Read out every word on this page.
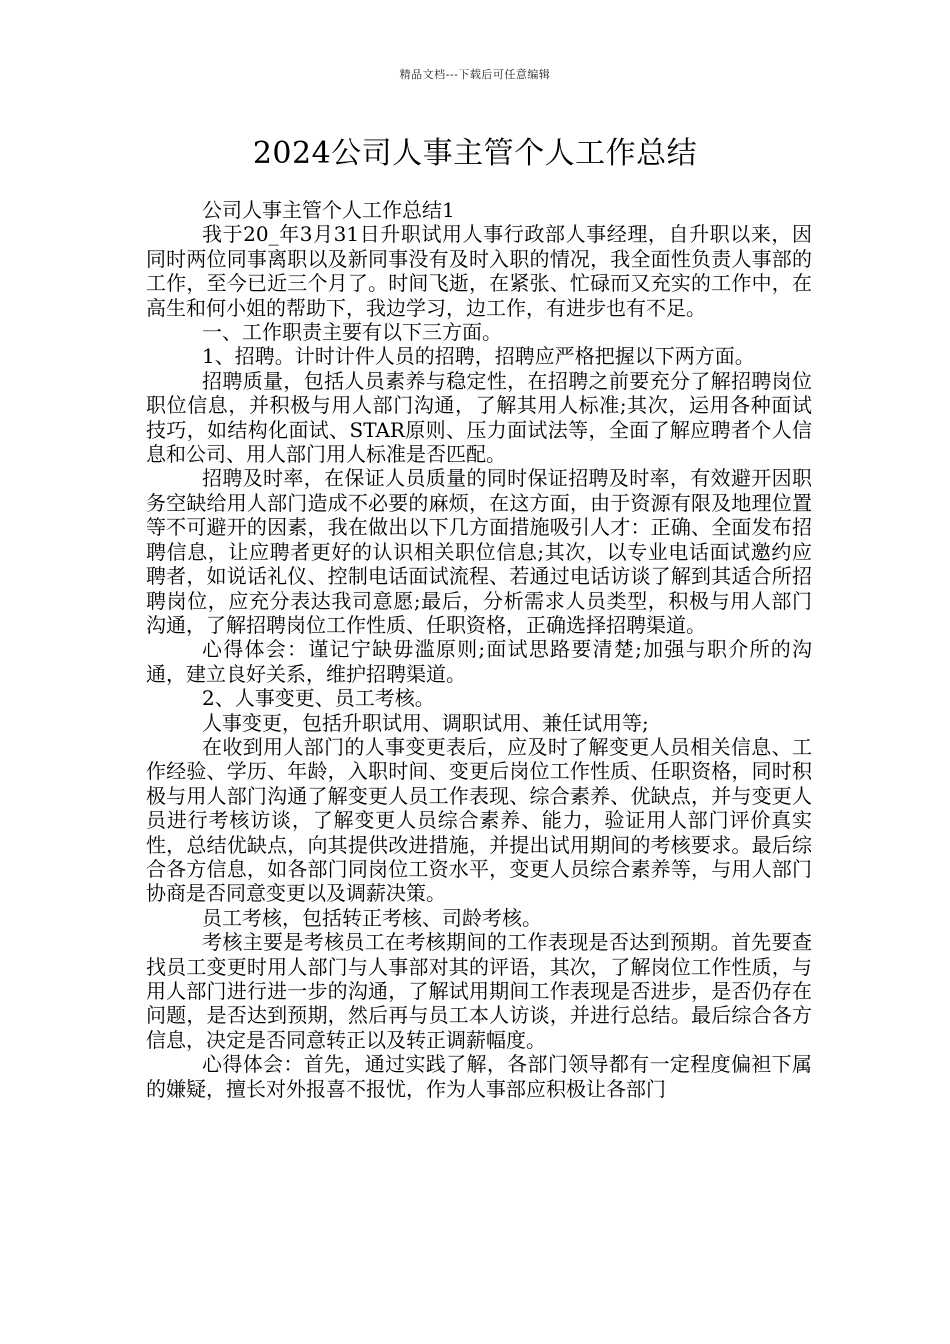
精品文档---下载后可任意编辑
2024公司人事主管个人工作总结

公司人事主管个人工作总结1

我于20_年3月31日升职试用人事行政部人事经理，自升职以来，因同时两位同事离职以及新同事没有及时入职的情况，我全面性负责人事部的工作，至今已近三个月了。时间飞逝，在紧张、忙碌而又充实的工作中，在高生和何小姐的帮助下，我边学习，边工作，有进步也有不足。

一、工作职责主要有以下三方面。

1、招聘。计时计件人员的招聘，招聘应严格把握以下两方面。

招聘质量，包括人员素养与稳定性，在招聘之前要充分了解招聘岗位职位信息，并积极与用人部门沟通，了解其用人标准;其次，运用各种面试技巧，如结构化面试、STAR原则、压力面试法等，全面了解应聘者个人信息和公司、用人部门用人标准是否匹配。

招聘及时率，在保证人员质量的同时保证招聘及时率，有效避开因职务空缺给用人部门造成不必要的麻烦，在这方面，由于资源有限及地理位置等不可避开的因素，我在做出以下几方面措施吸引人才：正确、全面发布招聘信息，让应聘者更好的认识相关职位信息;其次，以专业电话面试邀约应聘者，如说话礼仪、控制电话面试流程、若通过电话访谈了解到其适合所招聘岗位，应充分表达我司意愿;最后，分析需求人员类型，积极与用人部门沟通，了解招聘岗位工作性质、任职资格，正确选择招聘渠道。

心得体会：谨记宁缺毋滥原则;面试思路要清楚;加强与职介所的沟通，建立良好关系，维护招聘渠道。

2、人事变更、员工考核。

人事变更，包括升职试用、调职试用、兼任试用等;

在收到用人部门的人事变更表后，应及时了解变更人员相关信息、工作经验、学历、年龄，入职时间、变更后岗位工作性质、任职资格，同时积极与用人部门沟通了解变更人员工作表现、综合素养、优缺点，并与变更人员进行考核访谈，了解变更人员综合素养、能力，验证用人部门评价真实性，总结优缺点，向其提供改进措施，并提出试用期间的考核要求。最后综合各方信息，如各部门同岗位工资水平，变更人员综合素养等，与用人部门协商是否同意变更以及调薪决策。

员工考核，包括转正考核、司龄考核。

考核主要是考核员工在考核期间的工作表现是否达到预期。首先要查找员工变更时用人部门与人事部对其的评语，其次，了解岗位工作性质，与用人部门进行进一步的沟通，了解试用期间工作表现是否进步，是否仍存在问题，是否达到预期，然后再与员工本人访谈，并进行总结。最后综合各方信息，决定是否同意转正以及转正调薪幅度。

心得体会：首先，通过实践了解，各部门领导都有一定程度偏袒下属的嫌疑，擅长对外报喜不报忧，作为人事部应积极让各部门
